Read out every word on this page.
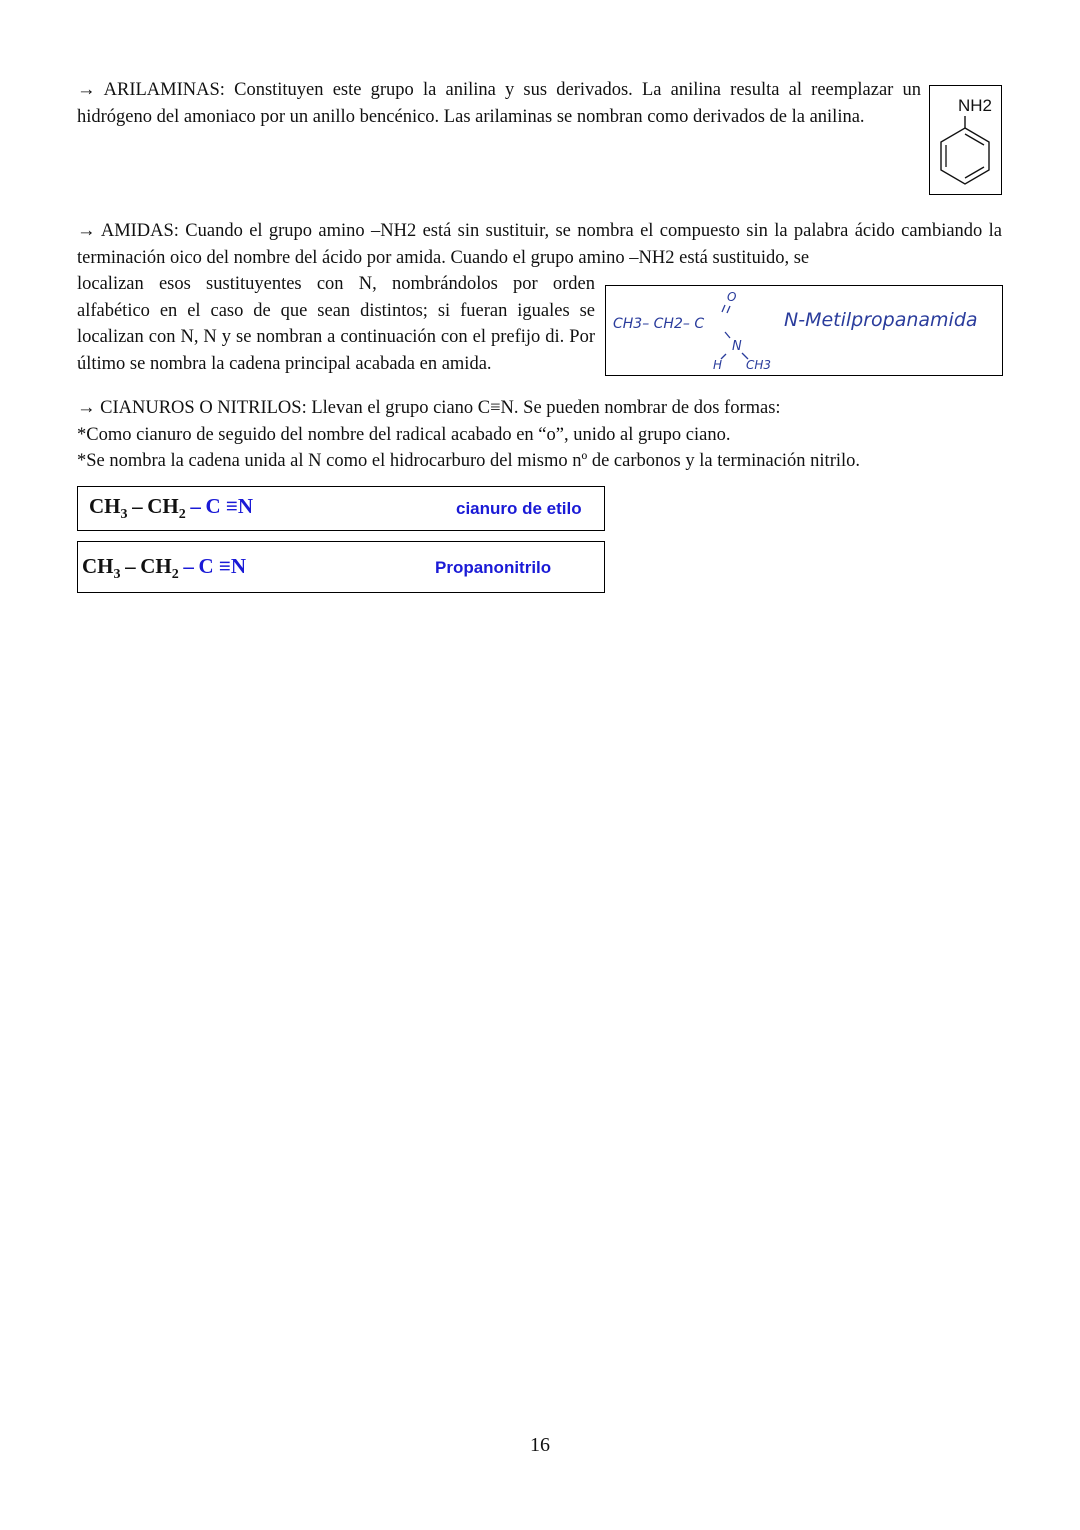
→ ARILAMINAS: Constituyen este grupo la anilina y sus derivados. La anilina resulta al reemplazar un hidrógeno del amoniaco por un anillo bencénico. Las arilaminas se nombran como derivados de la anilina.

NH2

→ AMIDAS: Cuando el grupo amino –NH2 está sin sustituir, se nombra el compuesto sin la palabra ácido cambiando la terminación oico del nombre del ácido por amida. Cuando el grupo amino –NH2 está sustituido, se

localizan esos sustituyentes con N, nombrándolos por orden alfabético en el caso de que sean distintos; si fueran iguales se localizan con N, N y se nombran a continuación con el prefijo di. Por último se nombra la cadena principal acabada en amida.

CH3– CH2– C
O
N
H CH3
N-Metilpropanamida

→ CIANUROS O NITRILOS: Llevan el grupo ciano C≡N. Se pueden nombrar de dos formas:

*Como cianuro de seguido del nombre del radical acabado en “o”, unido al grupo ciano.

*Se nombra la cadena unida al N como el hidrocarburo del mismo nº de carbonos y la terminación nitrilo.

$CH_3 - CH_2 - C \equiv N$	cianuro de etilo
$CH_3 - CH_2 - C \equiv N$	Propanonitrilo
16
